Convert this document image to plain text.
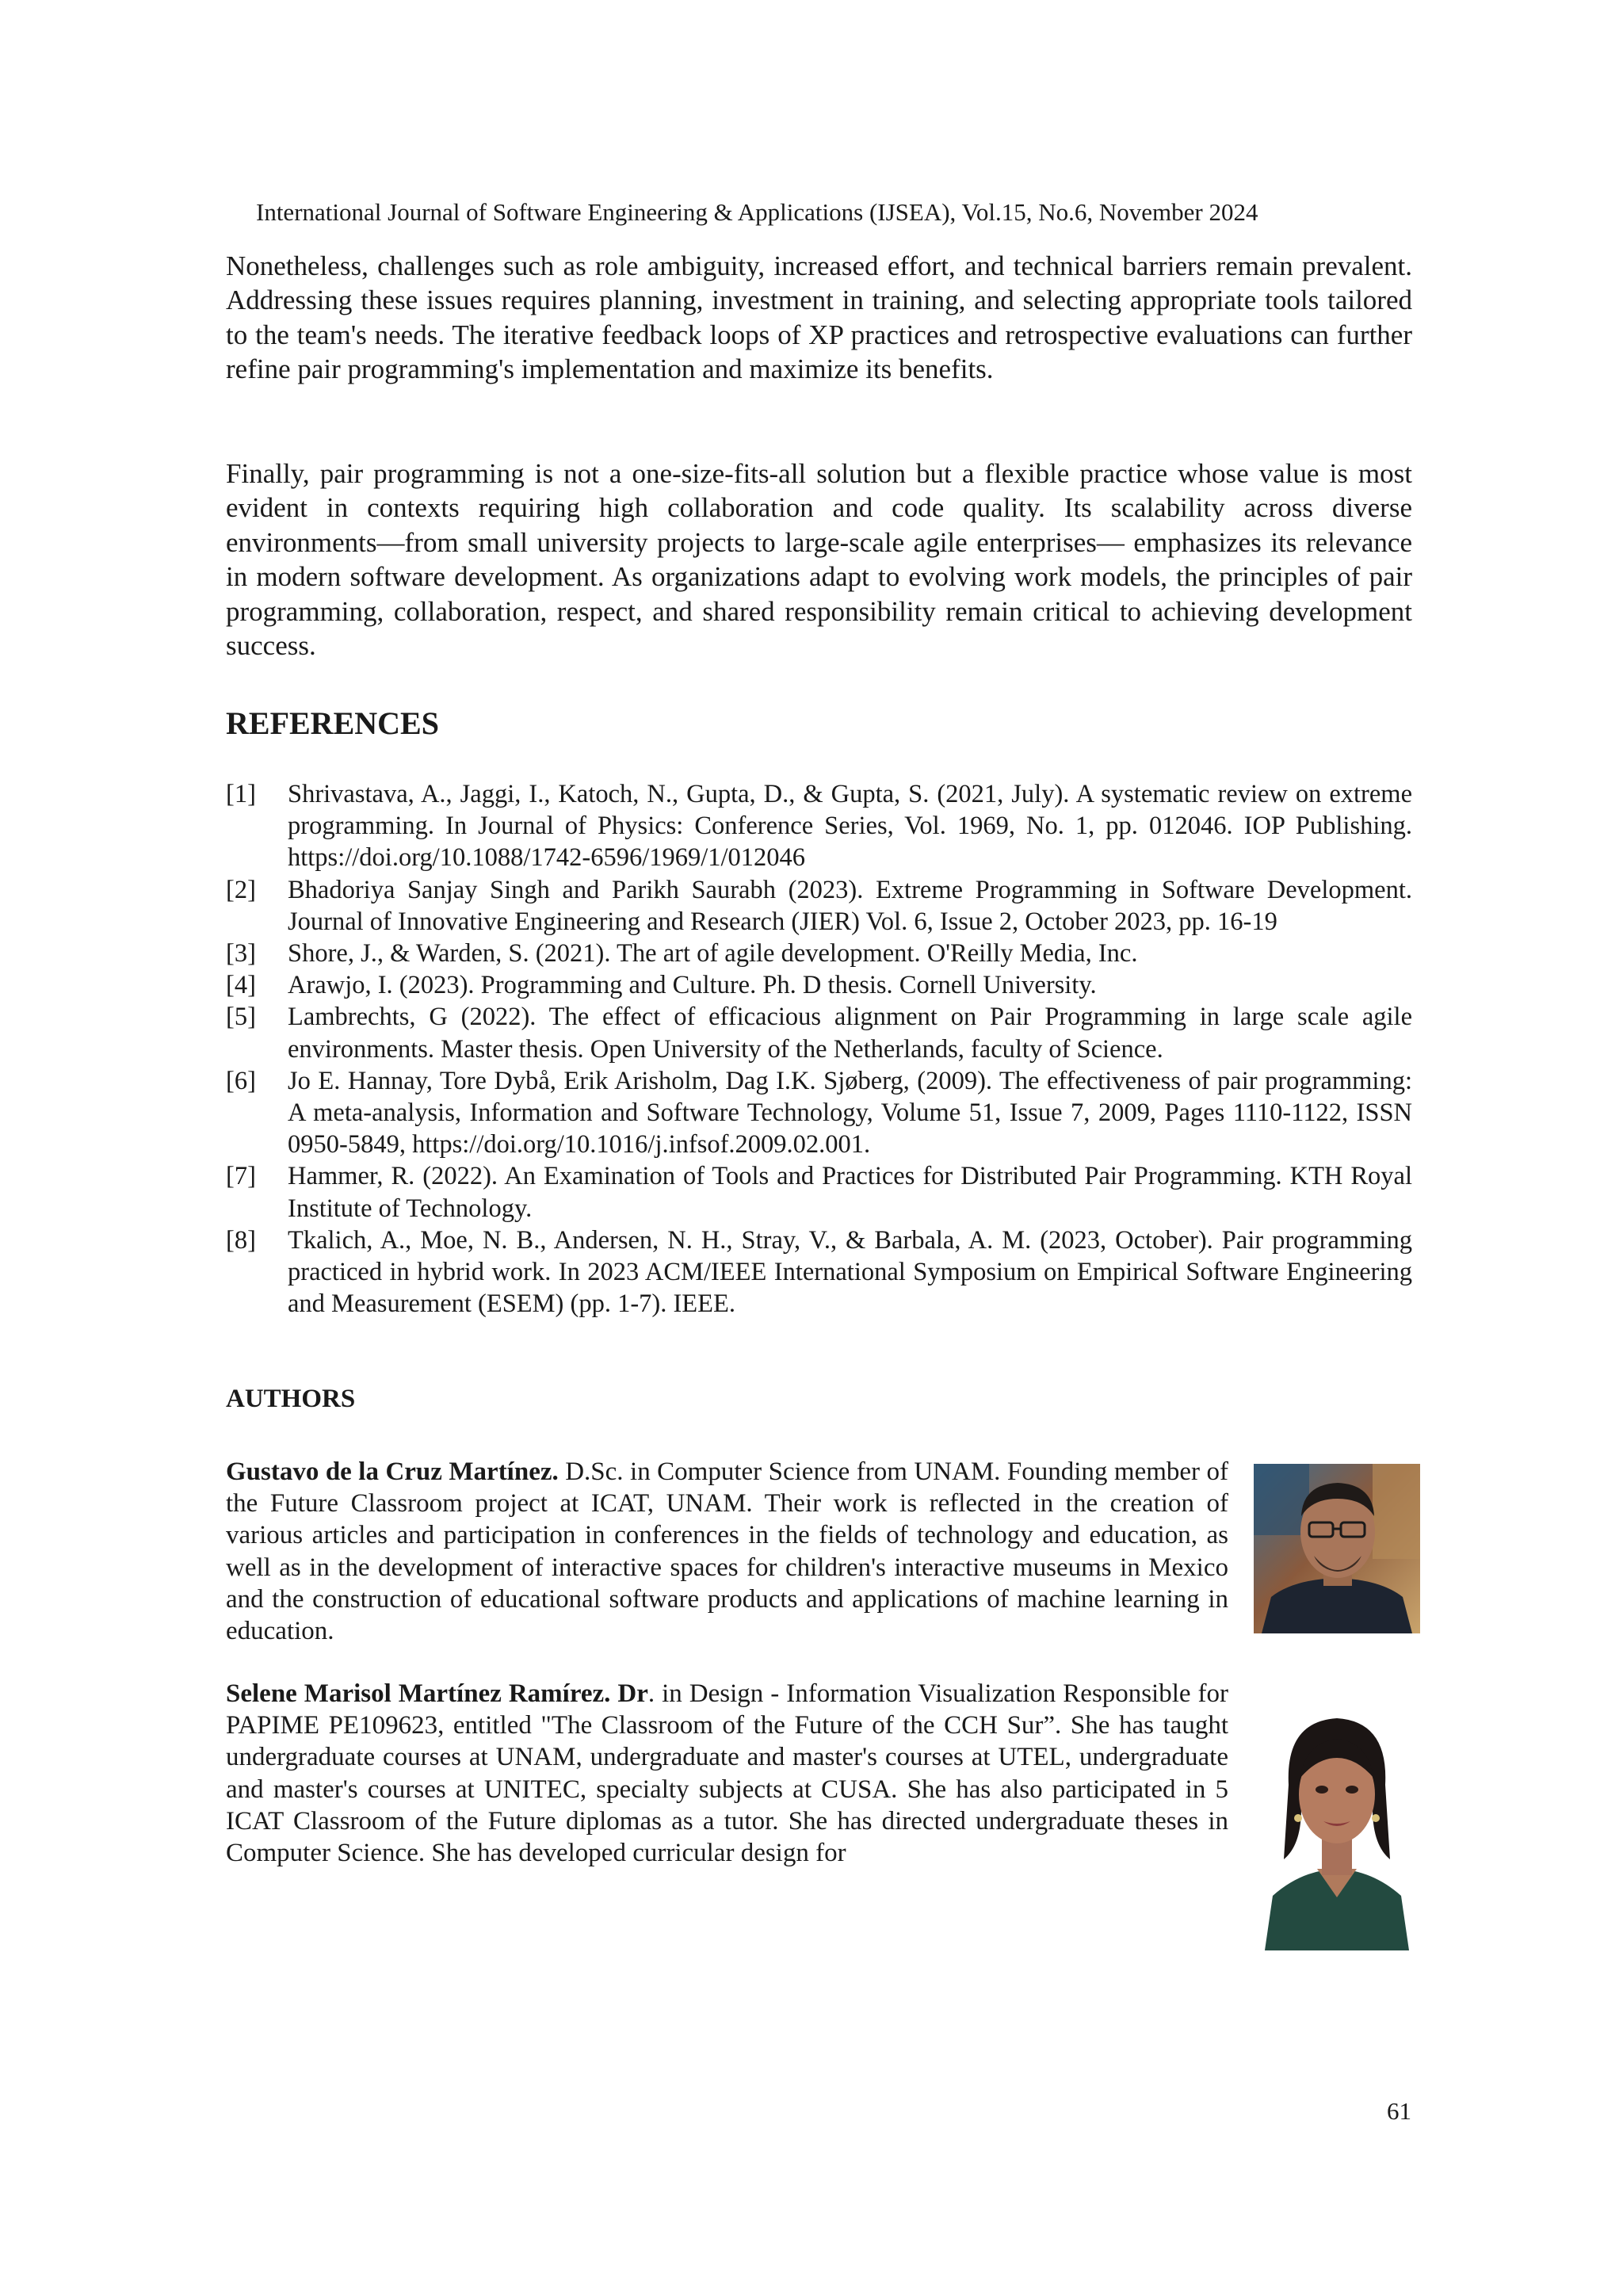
International Journal of Software Engineering & Applications (IJSEA), Vol.15, No.6, November 2024

Nonetheless, challenges such as role ambiguity, increased effort, and technical barriers remain prevalent. Addressing these issues requires planning, investment in training, and selecting appropriate tools tailored to the team's needs. The iterative feedback loops of XP practices and retrospective evaluations can further refine pair programming's implementation and maximize its benefits.

Finally, pair programming is not a one-size-fits-all solution but a flexible practice whose value is most evident in contexts requiring high collaboration and code quality. Its scalability across diverse environments—from small university projects to large-scale agile enterprises— emphasizes its relevance in modern software development. As organizations adapt to evolving work models, the principles of pair programming, collaboration, respect, and shared responsibility remain critical to achieving development success.

REFERENCES
[1] Shrivastava, A., Jaggi, I., Katoch, N., Gupta, D., & Gupta, S. (2021, July). A systematic review on extreme programming. In Journal of Physics: Conference Series, Vol. 1969, No. 1, pp. 012046. IOP Publishing. https://doi.org/10.1088/1742-6596/1969/1/012046
[2] Bhadoriya Sanjay Singh and Parikh Saurabh (2023). Extreme Programming in Software Development. Journal of Innovative Engineering and Research (JIER) Vol. 6, Issue 2, October 2023, pp. 16-19
[3] Shore, J., & Warden, S. (2021). The art of agile development. O'Reilly Media, Inc.
[4] Arawjo, I. (2023). Programming and Culture. Ph. D thesis. Cornell University.
[5] Lambrechts, G (2022). The effect of efficacious alignment on Pair Programming in large scale agile environments. Master thesis. Open University of the Netherlands, faculty of Science.
[6] Jo E. Hannay, Tore Dybå, Erik Arisholm, Dag I.K. Sjøberg, (2009). The effectiveness of pair programming: A meta-analysis, Information and Software Technology, Volume 51, Issue 7, 2009, Pages 1110-1122, ISSN 0950-5849, https://doi.org/10.1016/j.infsof.2009.02.001.
[7] Hammer, R. (2022). An Examination of Tools and Practices for Distributed Pair Programming. KTH Royal Institute of Technology.
[8] Tkalich, A., Moe, N. B., Andersen, N. H., Stray, V., & Barbala, A. M. (2023, October). Pair programming practiced in hybrid work. In 2023 ACM/IEEE International Symposium on Empirical Software Engineering and Measurement (ESEM) (pp. 1-7). IEEE.
AUTHORS

Gustavo de la Cruz Martínez. D.Sc. in Computer Science from UNAM. Founding member of the Future Classroom project at ICAT, UNAM. Their work is reflected in the creation of various articles and participation in conferences in the fields of technology and education, as well as in the development of interactive spaces for children's interactive museums in Mexico and the construction of educational software products and applications of machine learning in education.

Selene Marisol Martínez Ramírez. Dr. in Design - Information Visualization Responsible for PAPIME PE109623, entitled "The Classroom of the Future of the CCH Sur”. She has taught undergraduate courses at UNAM, undergraduate and master's courses at UTEL, undergraduate and master's courses at UNITEC, specialty subjects at CUSA. She has also participated in 5 ICAT Classroom of the Future diplomas as a tutor. She has directed undergraduate theses in Computer Science. She has developed curricular design for

61
